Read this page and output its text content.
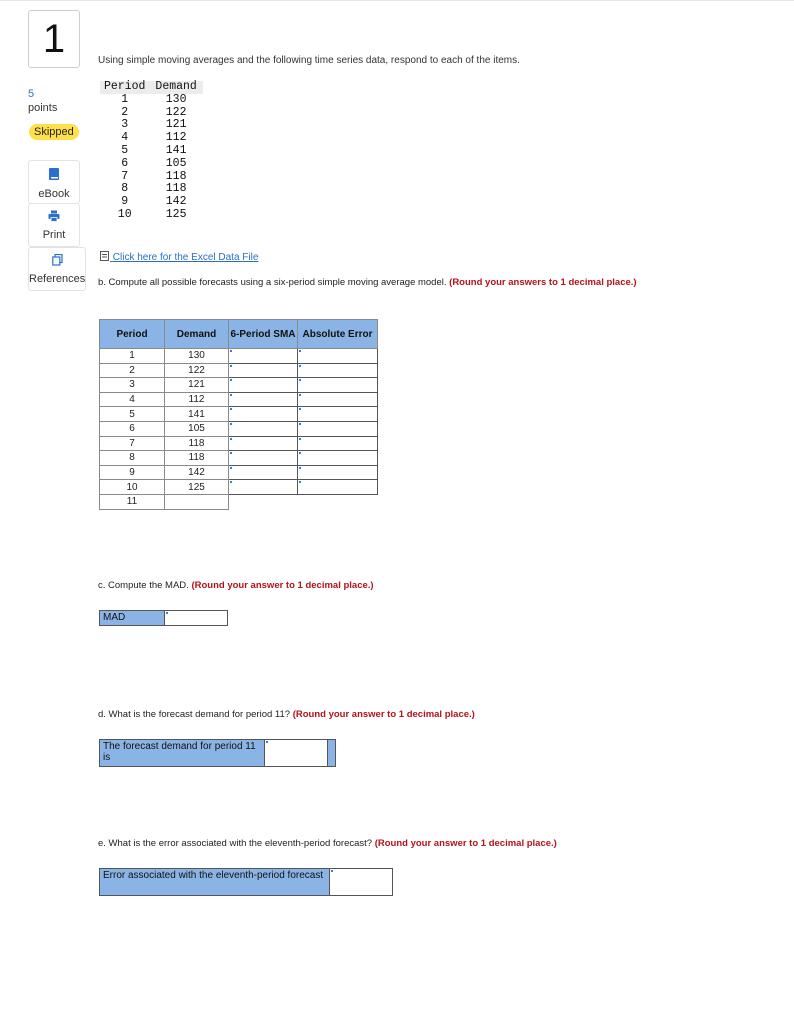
1
5
points
Skipped
eBook
Print
References
Using simple moving averages and the following time series data, respond to each of the items.
Period	Demand
1	130
2	122
3	121
4	112
5	141
6	105
7	118
8	118
9	142
10	125
Click here for the Excel Data File
b. Compute all possible forecasts using a six-period simple moving average model. (Round your answers to 1 decimal place.)
Period	Demand	6-Period SMA	Absolute Error
1	130		
2	122		
3	121		
4	112		
5	141		
6	105		
7	118		
8	118		
9	142		
10	125		
11			
c. Compute the MAD. (Round your answer to 1 decimal place.)
MAD
d. What is the forecast demand for period 11? (Round your answer to 1 decimal place.)
The forecast demand for period 11 is
e. What is the error associated with the eleventh-period forecast? (Round your answer to 1 decimal place.)
Error associated with the eleventh-period forecast
